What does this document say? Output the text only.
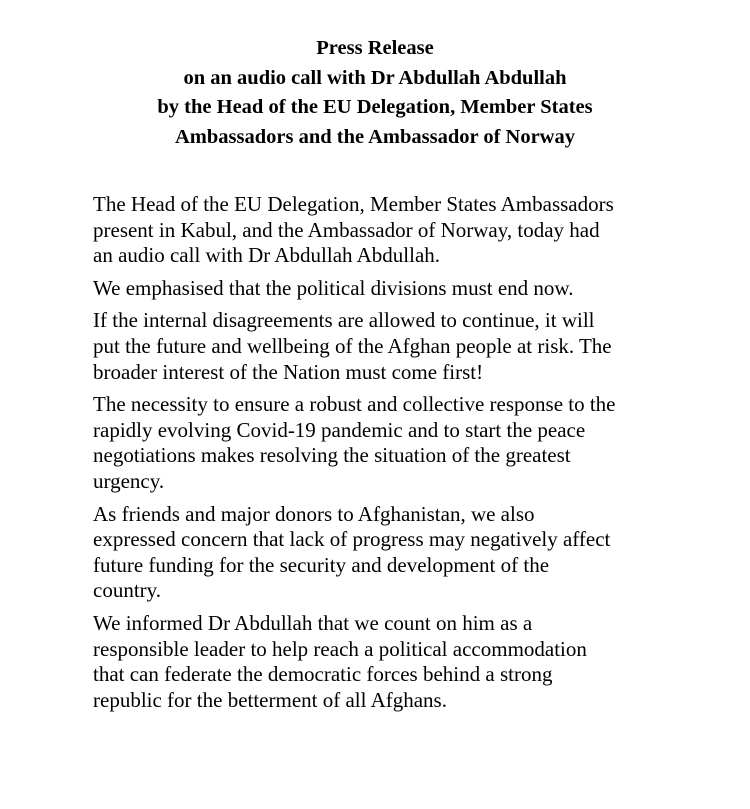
Press Release
on an audio call with Dr Abdullah Abdullah
by the Head of the EU Delegation, Member States
Ambassadors and the Ambassador of Norway

The Head of the EU Delegation, Member States Ambassadors
present in Kabul, and the Ambassador of Norway, today had
an audio call with Dr Abdullah Abdullah.

We emphasised that the political divisions must end now.

If the internal disagreements are allowed to continue, it will
put the future and wellbeing of the Afghan people at risk. The
broader interest of the Nation must come first!

The necessity to ensure a robust and collective response to the
rapidly evolving Covid-19 pandemic and to start the peace
negotiations makes resolving the situation of the greatest
urgency.

As friends and major donors to Afghanistan, we also
expressed concern that lack of progress may negatively affect
future funding for the security and development of the
country.

We informed Dr Abdullah that we count on him as a
responsible leader to help reach a political accommodation
that can federate the democratic forces behind a strong
republic for the betterment of all Afghans.
